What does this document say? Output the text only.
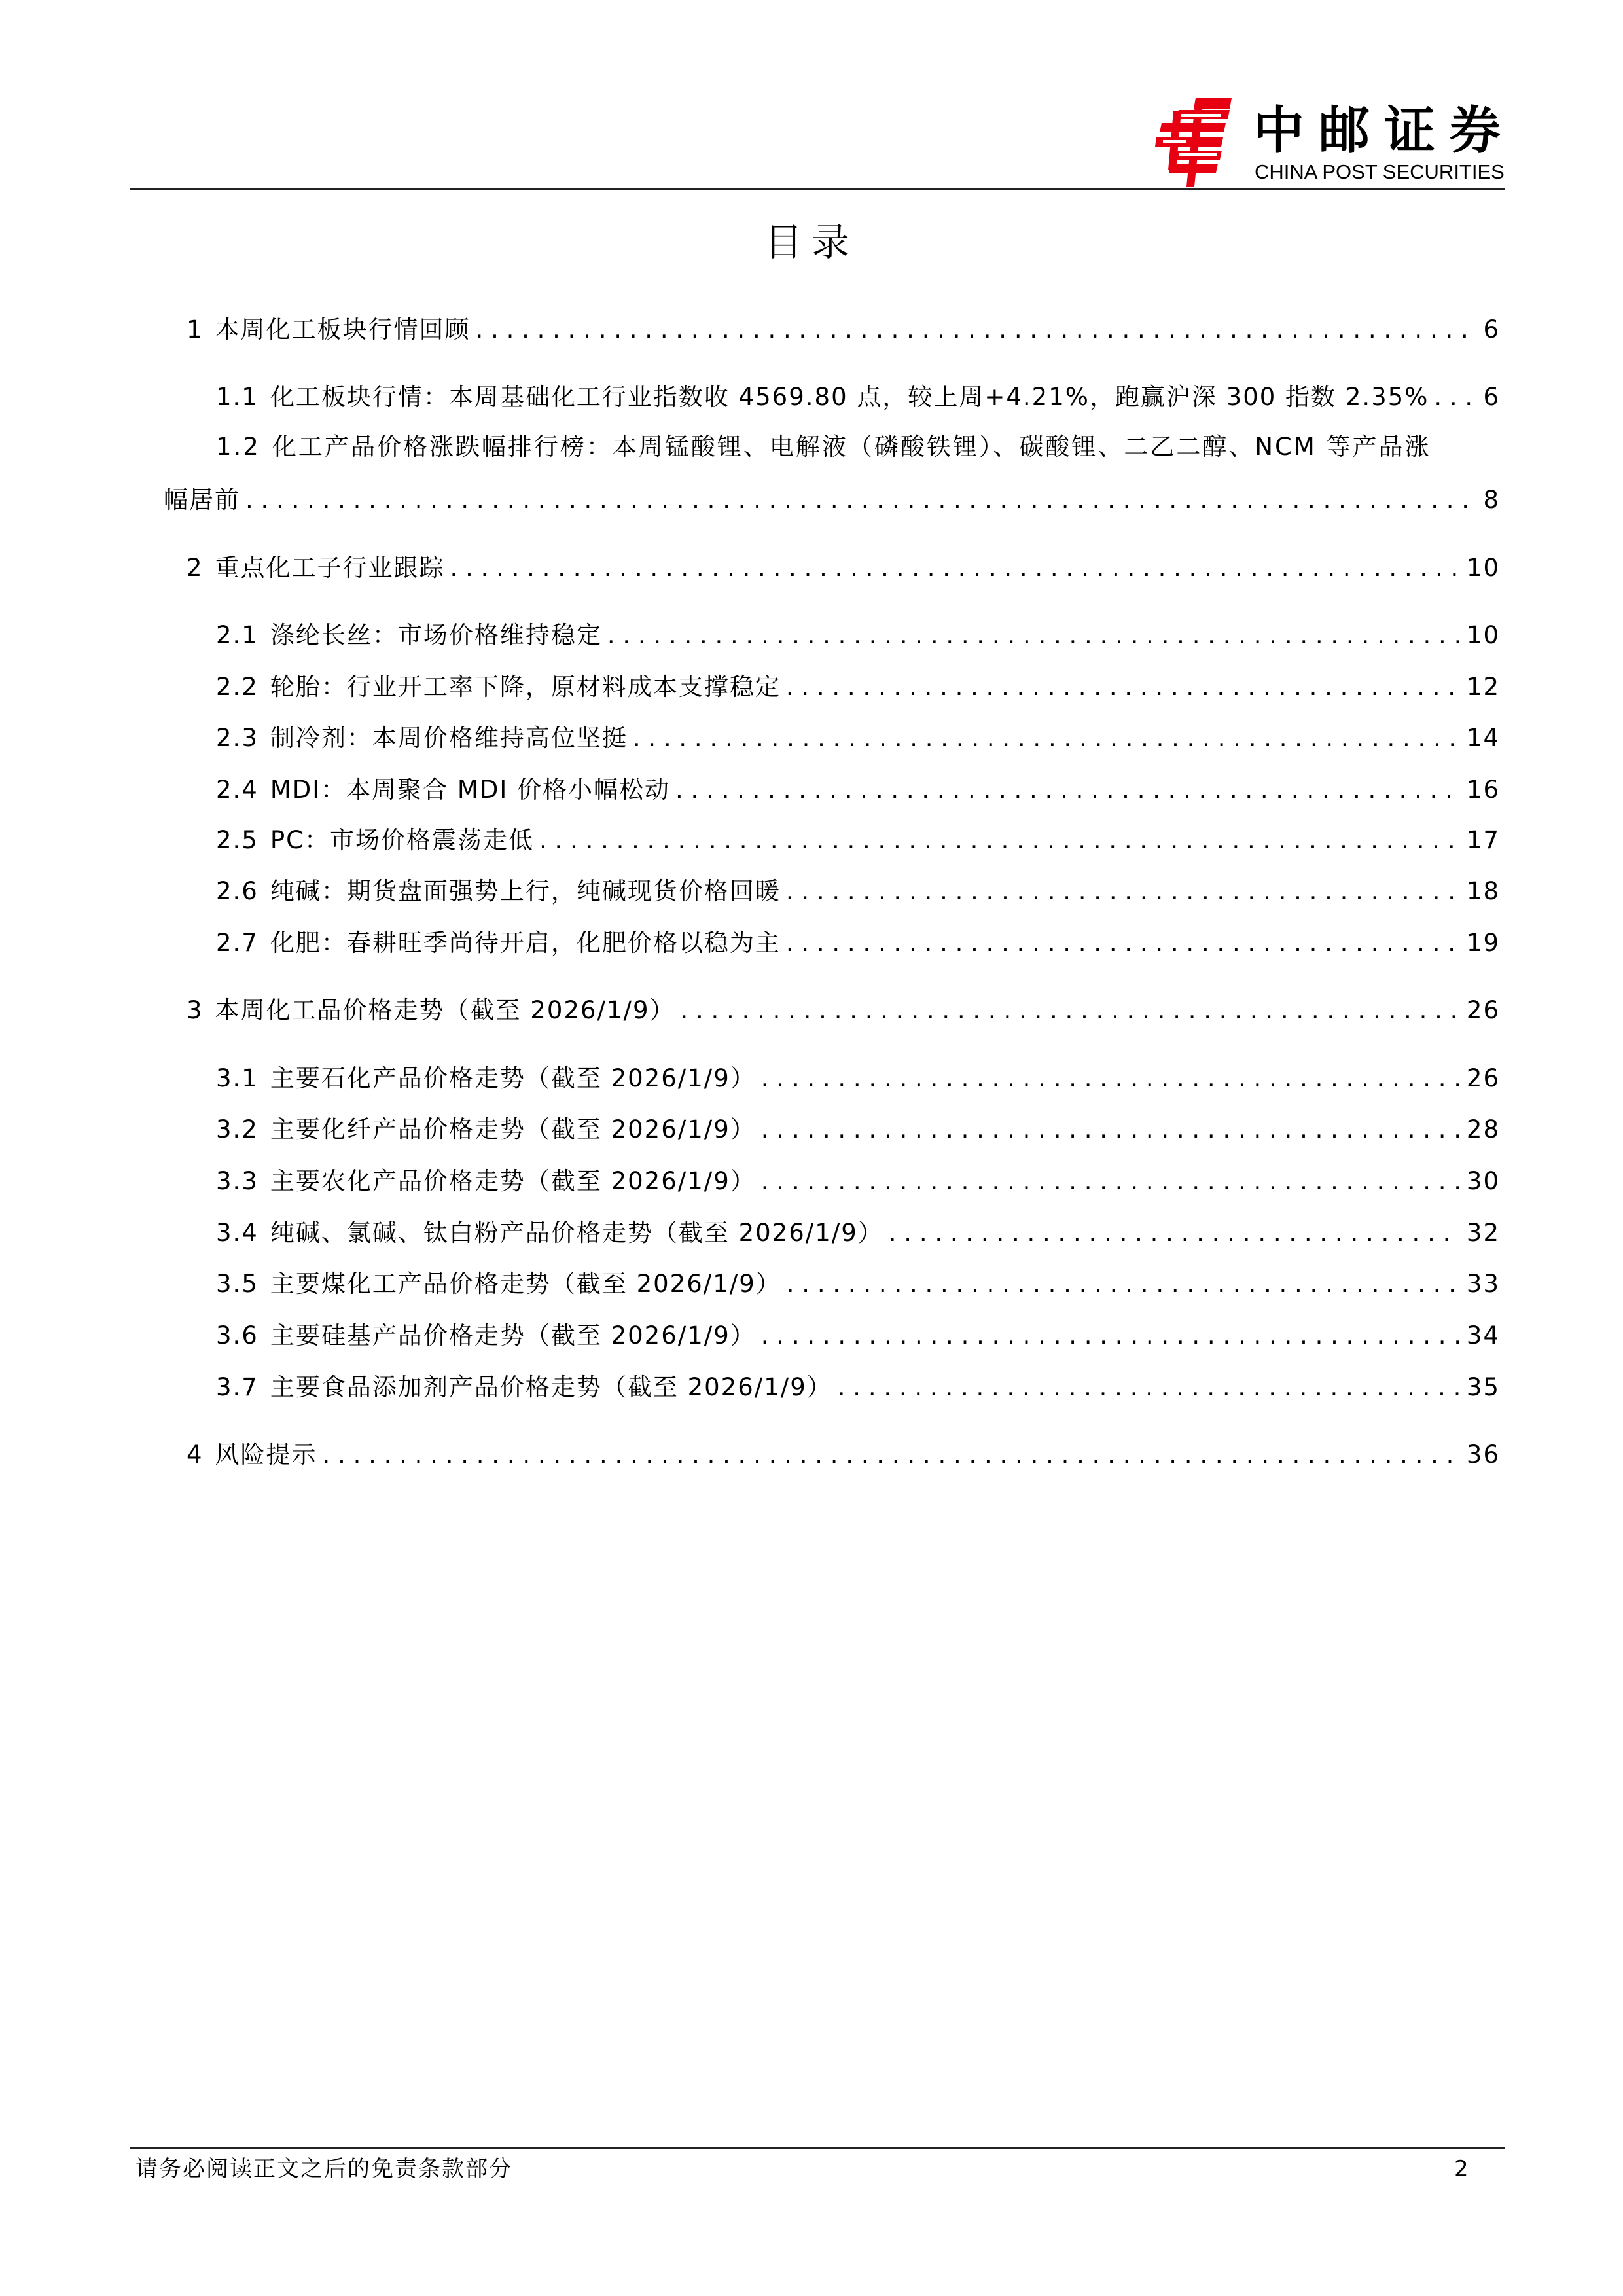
中邮证券
CHINA POST SECURITIES
目录
1 本周化工板块行情回顾 . . .	6
1.1 化工板块行情：本周基础化工行业指数收 4569.80 点，较上周+4.21%，跑赢沪深 300 指数 2.35% . . . 6
1.2 化工产品价格涨跌幅排行榜：本周锰酸锂、电解液（磷酸铁锂）、碳酸锂、二乙二醇、NCM 等产品涨
幅居前 . . .	8
2 重点化工子行业跟踪 . . .	10
2.1 涤纶长丝：市场价格维持稳定 . . .	10
2.2 轮胎：行业开工率下降，原材料成本支撑稳定 . . .	12
2.3 制冷剂：本周价格维持高位坚挺 . . .	14
2.4 MDI：本周聚合 MDI 价格小幅松动 . . .	16
2.5 PC：市场价格震荡走低 . . .	17
2.6 纯碱：期货盘面强势上行，纯碱现货价格回暖 . . .	18
2.7 化肥：春耕旺季尚待开启，化肥价格以稳为主 . . .	19
3 本周化工品价格走势（截至 2026/1/9） . . .	26
3.1 主要石化产品价格走势（截至 2026/1/9） . . .	26
3.2 主要化纤产品价格走势（截至 2026/1/9） . . .	28
3.3 主要农化产品价格走势（截至 2026/1/9） . . .	30
3.4 纯碱、氯碱、钛白粉产品价格走势（截至 2026/1/9） . . .	32
3.5 主要煤化工产品价格走势（截至 2026/1/9） . . .	33
3.6 主要硅基产品价格走势（截至 2026/1/9） . . .	34
3.7 主要食品添加剂产品价格走势（截至 2026/1/9） . . .	35
4 风险提示 . . .	36
请务必阅读正文之后的免责条款部分	2
